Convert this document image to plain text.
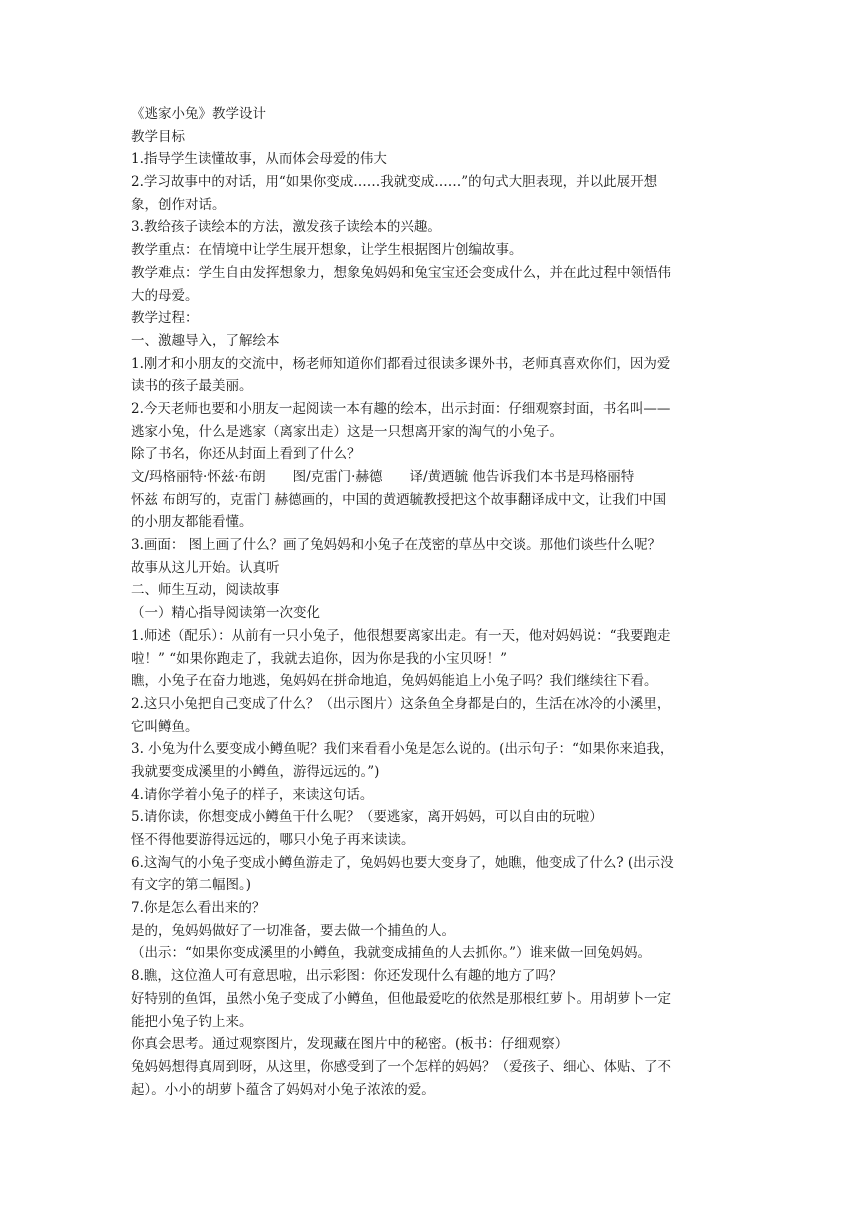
《逃家小兔》教学设计
教学目标
1.指导学生读懂故事，从而体会母爱的伟大
2.学习故事中的对话，用“如果你变成……我就变成……”的句式大胆表现，并以此展开想
象，创作对话。
3.教给孩子读绘本的方法，激发孩子读绘本的兴趣。
教学重点：在情境中让学生展开想象，让学生根据图片创编故事。
教学难点：学生自由发挥想象力，想象兔妈妈和兔宝宝还会变成什么，并在此过程中领悟伟
大的母爱。
教学过程：
一、激趣导入，了解绘本
1.刚才和小朋友的交流中，杨老师知道你们都看过很读多课外书，老师真喜欢你们，因为爱
读书的孩子最美丽。
2.今天老师也要和小朋友一起阅读一本有趣的绘本，出示封面：仔细观察封面，书名叫——
逃家小兔，什么是逃家（离家出走）这是一只想离开家的淘气的小兔子。
除了书名，你还从封面上看到了什么？
文/玛格丽特·怀兹·布朗　　图/克雷门·赫德　　译/黄迺毓 他告诉我们本书是玛格丽特
怀兹 布朗写的，克雷门 赫德画的，中国的黄迺毓教授把这个故事翻译成中文，让我们中国
的小朋友都能看懂。
3.画面： 图上画了什么？画了兔妈妈和小兔子在茂密的草丛中交谈。那他们谈些什么呢？
故事从这儿开始。认真听
二、师生互动，阅读故事
（一）精心指导阅读第一次变化
1.师述（配乐）：从前有一只小兔子，他很想要离家出走。有一天，他对妈妈说：“我要跑走
啦！” “如果你跑走了，我就去追你，因为你是我的小宝贝呀！”
瞧，小兔子在奋力地逃，兔妈妈在拼命地追，兔妈妈能追上小兔子吗？我们继续往下看。
2.这只小兔把自己变成了什么？（出示图片）这条鱼全身都是白的，生活在冰冷的小溪里，
它叫鳟鱼。
3. 小兔为什么要变成小鳟鱼呢？我们来看看小兔是怎么说的。(出示句子：“如果你来追我，
我就要变成溪里的小鳟鱼，游得远远的。”)
4.请你学着小兔子的样子，来读这句话。
5.请你读，你想变成小鳟鱼干什么呢？（要逃家，离开妈妈，可以自由的玩啦）
怪不得他要游得远远的，哪只小兔子再来读读。
6.这淘气的小兔子变成小鳟鱼游走了，兔妈妈也要大变身了，她瞧，他变成了什么? (出示没
有文字的第二幅图。)
7.你是怎么看出来的？
是的，兔妈妈做好了一切准备，要去做一个捕鱼的人。
（出示：“如果你变成溪里的小鳟鱼，我就变成捕鱼的人去抓你。”）谁来做一回兔妈妈。
8.瞧，这位渔人可有意思啦，出示彩图：你还发现什么有趣的地方了吗？
好特别的鱼饵，虽然小兔子变成了小鳟鱼，但他最爱吃的依然是那根红萝卜。用胡萝卜一定
能把小兔子钓上来。
你真会思考。通过观察图片，发现藏在图片中的秘密。(板书：仔细观察）
兔妈妈想得真周到呀，从这里，你感受到了一个怎样的妈妈？（爱孩子、细心、体贴、了不
起）。小小的胡萝卜蕴含了妈妈对小兔子浓浓的爱。
